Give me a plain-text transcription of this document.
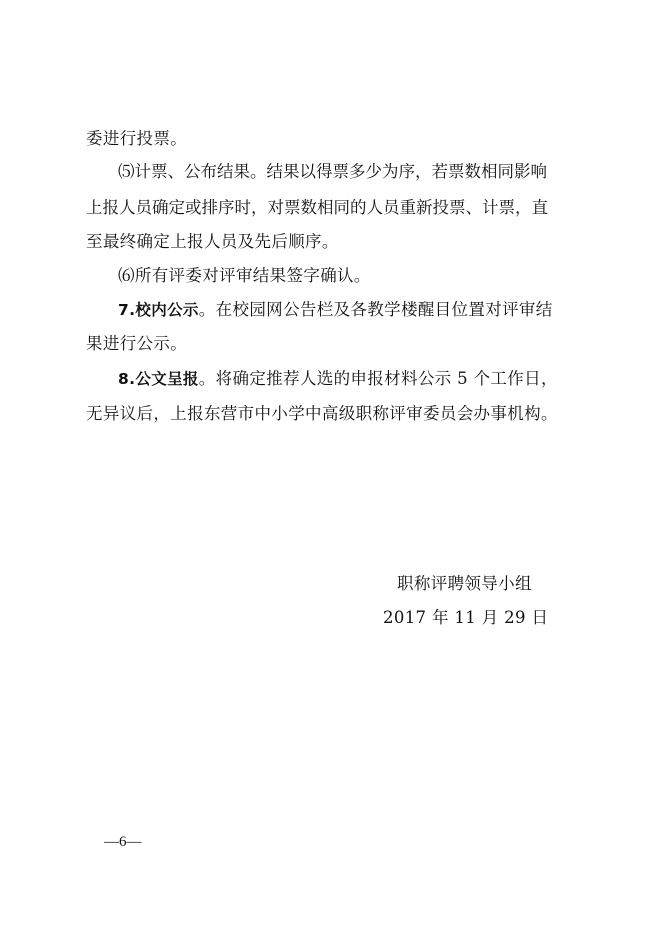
委进行投票。
⑸计票、公布结果。结果以得票多少为序，若票数相同影响
上报人员确定或排序时，对票数相同的人员重新投票、计票，直
至最终确定上报人员及先后顺序。
⑹所有评委对评审结果签字确认。
7.校内公示。在校园网公告栏及各教学楼醒目位置对评审结
果进行公示。
8.公文呈报。将确定推荐人选的申报材料公示 5 个工作日，
无异议后，上报东营市中小学中高级职称评审委员会办事机构。
职称评聘领导小组
2017 年 11 月 29 日
—6—
